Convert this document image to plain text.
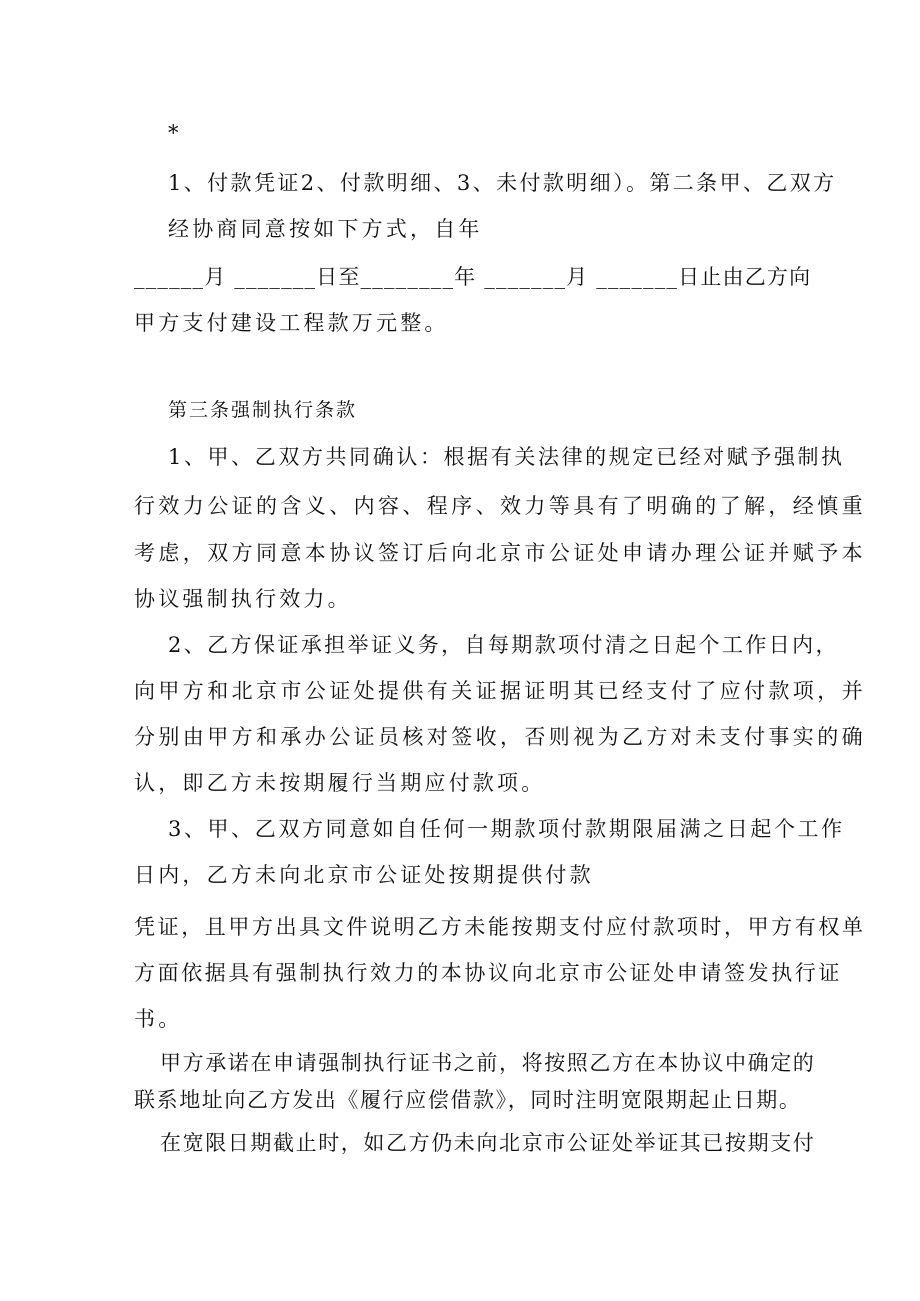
*
1、付款凭证2、付款明细、3、未付款明细）。第二条甲、乙双方
经协商同意按如下方式，自年
______月 _______日至________年 _______月 _______日止由乙方向
甲方支付建设工程款万元整。
第三条强制执行条款
1、甲、乙双方共同确认：根据有关法律的规定已经对赋予强制执
行效力公证的含义、内容、程序、效力等具有了明确的了解，经慎重
考虑，双方同意本协议签订后向北京市公证处申请办理公证并赋予本
协议强制执行效力。
2、乙方保证承担举证义务，自每期款项付清之日起个工作日内，
向甲方和北京市公证处提供有关证据证明其已经支付了应付款项，并
分别由甲方和承办公证员核对签收，否则视为乙方对未支付事实的确
认，即乙方未按期履行当期应付款项。
3、甲、乙双方同意如自任何一期款项付款期限届满之日起个工作
日内，乙方未向北京市公证处按期提供付款
凭证，且甲方出具文件说明乙方未能按期支付应付款项时，甲方有权单
方面依据具有强制执行效力的本协议向北京市公证处申请签发执行证
书。
甲方承诺在申请强制执行证书之前，将按照乙方在本协议中确定的
联系地址向乙方发出《履行应偿借款》，同时注明宽限期起止日期。
在宽限日期截止时，如乙方仍未向北京市公证处举证其已按期支付
